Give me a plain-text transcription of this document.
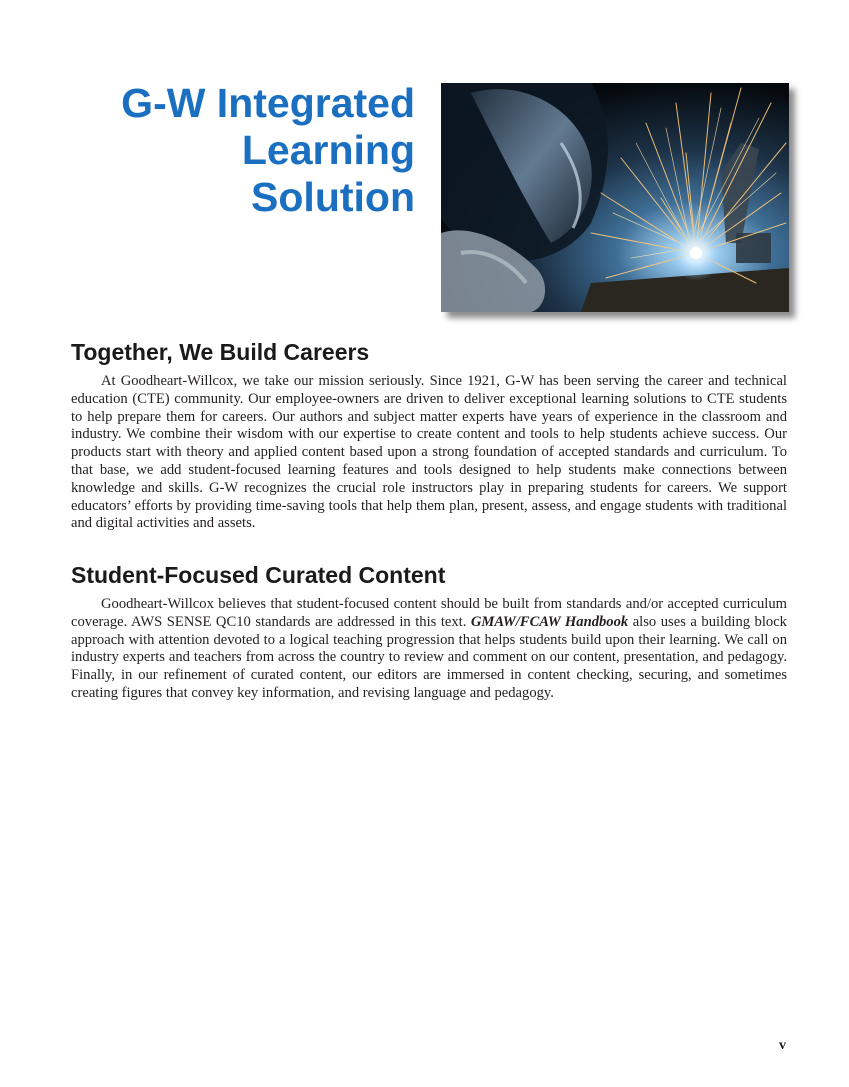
G-W Integrated
Learning
Solution
Together, We Build Careers

At Goodheart-Willcox, we take our mission seriously. Since 1921, G-W has been serving the career and technical education (CTE) community. Our employee-owners are driven to deliver exceptional learning solutions to CTE students to help prepare them for careers. Our authors and subject matter experts have years of experience in the classroom and industry. We combine their wisdom with our expertise to create content and tools to help students achieve success. Our products start with theory and applied content based upon a strong foundation of accepted standards and curriculum. To that base, we add student-focused learning features and tools designed to help students make connections between knowledge and skills. G-W recognizes the crucial role instructors play in preparing students for careers. We support educators’ efforts by providing time-saving tools that help them plan, present, assess, and engage students with traditional and digital activities and assets.

Student-Focused Curated Content

Goodheart-Willcox believes that student-focused content should be built from standards and/or accepted curriculum coverage. AWS SENSE QC10 standards are addressed in this text. GMAW/FCAW Handbook also uses a building block approach with attention devoted to a logical teaching progression that helps students build upon their learning. We call on industry experts and teachers from across the country to review and comment on our content, presentation, and pedagogy. Finally, in our refinement of curated content, our editors are immersed in content checking, securing, and sometimes creating figures that convey key information, and revising language and pedagogy.

v
